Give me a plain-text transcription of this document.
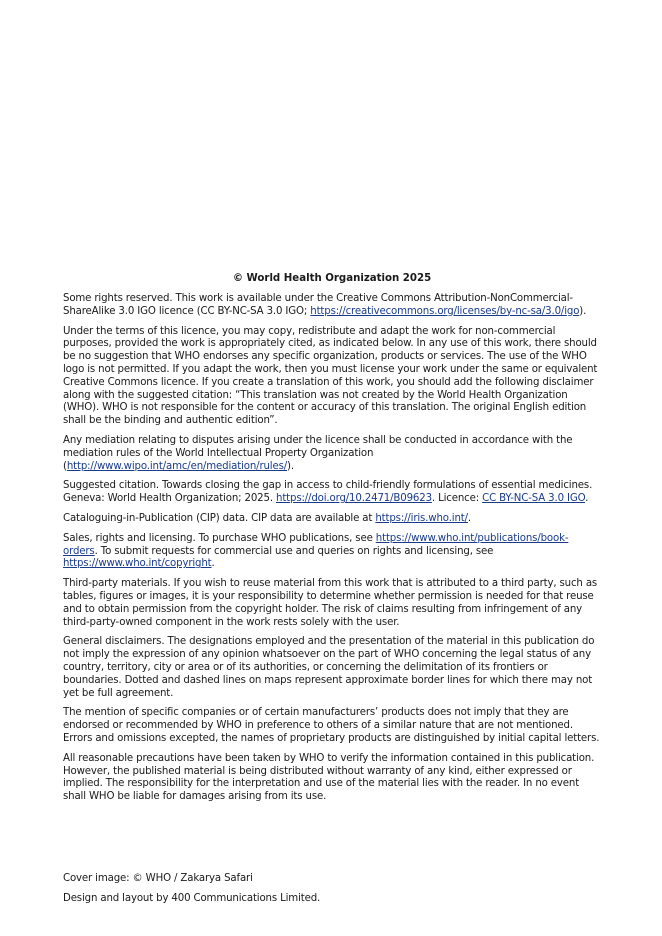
© World Health Organization 2025

Some rights reserved. This work is available under the Creative Commons Attribution-NonCommercial-ShareAlike 3.0 IGO licence (CC BY-NC-SA 3.0 IGO; https://creativecommons.org/licenses/by-nc-sa/3.0/igo).

Under the terms of this licence, you may copy, redistribute and adapt the work for non-commercial purposes, provided the work is appropriately cited, as indicated below. In any use of this work, there should be no suggestion that WHO endorses any specific organization, products or services. The use of the WHO logo is not permitted. If you adapt the work, then you must license your work under the same or equivalent Creative Commons licence. If you create a translation of this work, you should add the following disclaimer along with the suggested citation: “This translation was not created by the World Health Organization (WHO). WHO is not responsible for the content or accuracy of this translation. The original English edition shall be the binding and authentic edition”.

Any mediation relating to disputes arising under the licence shall be conducted in accordance with the mediation rules of the World Intellectual Property Organization (http://www.wipo.int/amc/en/mediation/rules/).

Suggested citation. Towards closing the gap in access to child-friendly formulations of essential medicines. Geneva: World Health Organization; 2025. https://doi.org/10.2471/B09623. Licence: CC BY-NC-SA 3.0 IGO.

Cataloguing-in-Publication (CIP) data. CIP data are available at https://iris.who.int/.

Sales, rights and licensing. To purchase WHO publications, see https://www.who.int/publications/book-orders. To submit requests for commercial use and queries on rights and licensing, see https://www.who.int/copyright.

Third-party materials. If you wish to reuse material from this work that is attributed to a third party, such as tables, figures or images, it is your responsibility to determine whether permission is needed for that reuse and to obtain permission from the copyright holder. The risk of claims resulting from infringement of any third-party-owned component in the work rests solely with the user.

General disclaimers. The designations employed and the presentation of the material in this publication do not imply the expression of any opinion whatsoever on the part of WHO concerning the legal status of any country, territory, city or area or of its authorities, or concerning the delimitation of its frontiers or boundaries. Dotted and dashed lines on maps represent approximate border lines for which there may not yet be full agreement.

The mention of specific companies or of certain manufacturers’ products does not imply that they are endorsed or recommended by WHO in preference to others of a similar nature that are not mentioned. Errors and omissions excepted, the names of proprietary products are distinguished by initial capital letters.

All reasonable precautions have been taken by WHO to verify the information contained in this publication. However, the published material is being distributed without warranty of any kind, either expressed or implied. The responsibility for the interpretation and use of the material lies with the reader. In no event shall WHO be liable for damages arising from its use.

Cover image: © WHO / Zakarya Safari

Design and layout by 400 Communications Limited.
